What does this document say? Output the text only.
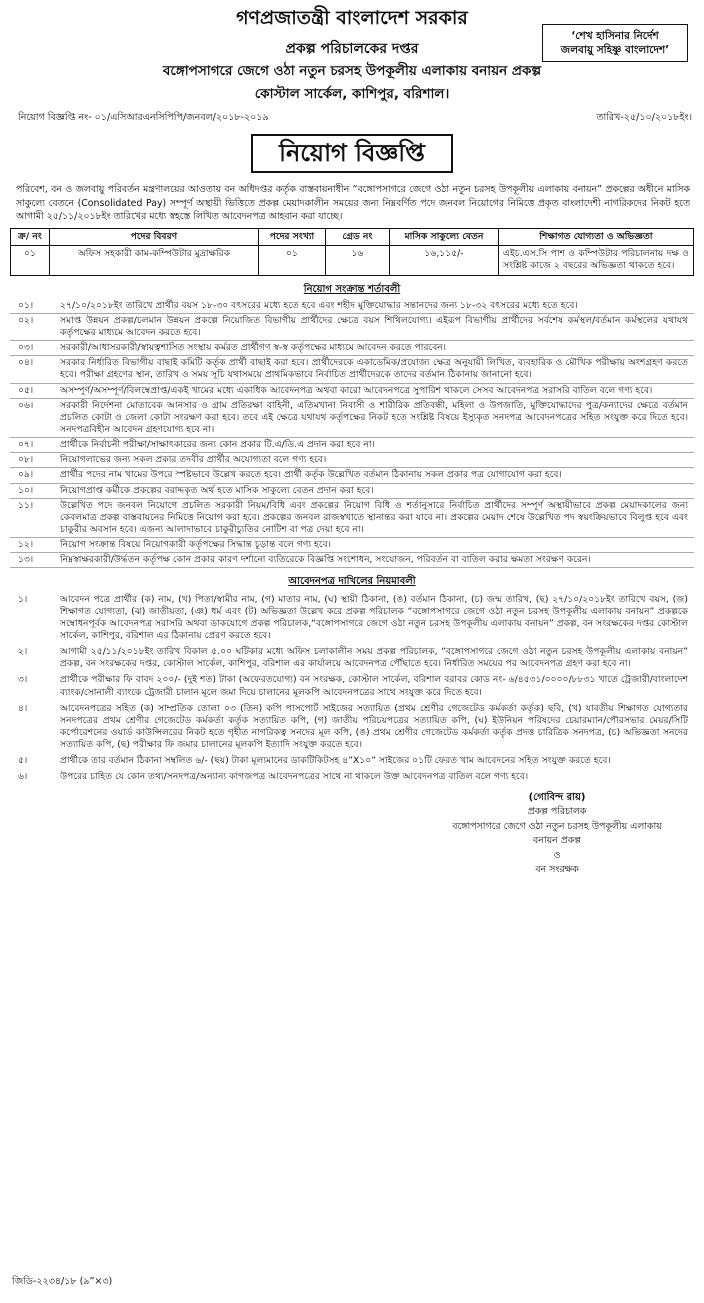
গণপ্রজাতন্ত্রী বাংলাদেশ সরকার
প্রকল্প পরিচালকের দপ্তর
বঙ্গোপসাগরে জেগে ওঠা নতুন চরসহ উপকূলীয় এলাকায় বনায়ন প্রকল্প
কোস্টাল সার্কেল, কাশিপুর, বরিশাল।
‘শেখ হাসিনার নির্দেশ
জলবায়ু সহিষ্ণু বাংলাদেশ’
নিয়োগ বিজ্ঞপ্তি নং- ০১/এসিআরএনসিপিপি/জনবল/২০১৮-২০১৯	তারিখ-২৫/১০/২০১৮ইং।
নিয়োগ বিজ্ঞপ্তি
পরিবেশ, বন ও জলবায়ু পরিবর্তন মন্ত্রণালয়ের আওতায় বন অধিদপ্তর কর্তৃক বাস্তবায়নাধীন “বঙ্গোপসাগরে জেগে ওঠা নতুন চরসহ উপকূলীয় এলাকায় বনায়ন” প্রকল্পের অধীনে মাসিক সাকুল্যে বেতনে (Consolidated Pay) সম্পূর্ণ অস্থায়ী ভিত্তিতে প্রকল্প মেয়াদকালীন সময়ের জন্য নিম্নবর্ণিত পদে জনবল নিয়োগের নিমিত্তে প্রকৃত বাংলাদেশী নাগরিকদের নিকট হতে আগামী ২৫/১১/২০১৮ইং তারিখের মধ্যে স্বহস্তে লিখিত আবেদনপত্র আহবান করা যাচ্ছে।
ক্র/ নং	পদের বিবরণ	পদের সংখ্যা	গ্রেড নং	মাসিক সাকুল্যে বেতন	শিক্ষাগত যোগ্যতা ও অভিজ্ঞতা
০১	অফিস সহকারী কাম-কম্পিউটার মুদ্রাক্ষরিক	০১	১৬	১৬,১১৫/-	এইচ.এস.সি পাশ ও কম্পিউটার পরিচালনায় দক্ষ ও সংশ্লিষ্ট কাজে ২ বছরের অভিজ্ঞতা থাকতে হবে।
নিয়োগ সংক্রান্ত শর্তাবলী
০১।	২৭/১০/২০১৮ইং তারিখে প্রার্থীর বয়স ১৮-৩০ বৎসরের মধ্যে হতে হবে এবং শহীদ মুক্তিযোদ্ধার সন্তানদের জন্য ১৮-৩২ বৎসরের মধ্যে হতে হবে।
০২।	সমাপ্ত উন্নয়ন প্রকল্প/চলমান উন্নয়ন প্রকল্পে নিয়োজিত বিভাগীয় প্রার্থীদের ক্ষেত্রে বয়স শিথিলযোগ্য। এইরূপ বিভাগীয় প্রার্থীদের সর্বশেষ কর্মস্থল/বর্তমান কর্মস্থলের যথাযথ কর্তৃপক্ষের মাধ্যমে আবেদন করতে হবে।
০৩।	সরকারী/আধাসরকারী/স্বায়ত্বশাসিত সংস্থায় কর্মরত প্রার্থীগণ স্ব-স্ব কর্তৃপক্ষের মাধ্যমে আবেদন করতে পারবেন।
০৪।	সরকার নির্ধারিত বিভাগীয় বাছাই কমিটি কর্তৃক প্রার্থী বাছাই করা হবে। প্রার্থীদেরকে একাডেমিক/প্রযোজ্য ক্ষেত্র অনুযায়ী লিখিত, ব্যবহারিক ও মৌখিক পরীক্ষায় অংশগ্রহণ করতে হবে। পরীক্ষা গ্রহণের স্থান, তারিখ ও সময় সূচি যথাসময়ে প্রাথমিকভাবে নির্বাচিত প্রার্থীদেরকে তাদের বর্তমান ঠিকানায় জানানো হবে।
০৫।	অসম্পূর্ণ/অসম্পূর্ণ/বিলম্বেপ্রাপ্ত/একই খামের মধ্যে একাধিক আবেদনপত্র অথবা কারো আবেদনপত্রে সুপারিশ থাকলে সেসব আবেদনপত্র সরাসরি বাতিল বলে গণ্য হবে।
০৬।	সরকারী নির্দেশনা মোতাবেক আনসার ও গ্রাম প্রতিরক্ষা বাহিনী, এতিমখানা নিবাসী ও শারীরিক প্রতিবন্ধী, মহিলা ও উপজাতি, মুক্তিযোদ্ধাদের পুত্র/কন্যাদের ক্ষেত্রে বর্তমান প্রচলিত কোটা ও জেলা কোটা সংরক্ষণ করা হবে। তবে এই ক্ষেত্রে যথাযথ কর্তৃপক্ষের নিকট হতে সংশ্লিষ্ট বিষয়ে ইস্যুকৃত সনদপত্র আবেদনপত্রের সহিত সংযুক্ত করে দিতে হবে। সনদপত্রবিহীন আবেদন গ্রহণযোগ্য হবে না।
০৭।	প্রার্থীকে নির্বাচনী পরীক্ষা/সাক্ষাৎকারের জন্য কোন প্রকার টি.এ/ডি.এ প্রদান করা হবে না।
০৮।	নিয়োগলাভের জন্য সকল প্রকার তদবীর প্রার্থীর অযোগ্যতা বলে গণ্য হবে।
০৯।	প্রার্থীর পদের নাম খামের উপরে স্পষ্টভাবে উল্লেখ করতে হবে। প্রার্থী কর্তৃক উল্লেখিত বর্তমান ঠিকানায় সকল প্রকার পত্র যোগাযোগ করা হবে।
১০।	নিয়োগপ্রাপ্ত কর্মীকে প্রকল্পের বরাদ্দকৃত অর্থ হতে মাসিক সাকুল্যে বেতন প্রদান করা হবে।
১১।	উল্লেখিত পদে জনবল নিয়োগে প্রচলিত সরকারী নিয়ম/বিধি এবং প্রকল্পের নিয়োগ বিধি ও শর্তানুসারে নির্বাচিত প্রার্থীদের সম্পূর্ণ অস্থায়ীভাবে প্রকল্প মেয়াদকালের জন্য কেবলমাত্র প্রকল্প বাস্তবায়নের নিমিত্তে নিয়োগ করা হবে। প্রকল্পের জনবল রাজস্বখাতে স্থানান্তর করা যাবে না। প্রকল্পের মেয়াদ শেষে উল্লেখিত পদ স্বয়ংক্রিয়ভাবে বিলুপ্ত হবে এবং চাকুরীর অবসান হবে। এজন্য আলাদাভাবে চাকুরীচ্যুতির নোটিশ বা পত্র দেয়া হবে না।
১২।	নিয়োগ সংক্রান্ত বিষয়ে নিয়োগকারী কর্তৃপক্ষের সিদ্ধান্ত চূড়ান্ত বলে গণ্য হবে।
১৩।	নিম্নস্বাক্ষরকারী/উর্দ্ধতন কর্তৃপক্ষ কোন প্রকার কারণ দর্শানো ব্যতিরেকে বিজ্ঞপ্তি সংশোধন, সংযোজন, পরিবর্তন বা বাতিল করার ক্ষমতা সংরক্ষণ করেন।
আবেদনপত্র দাখিলের নিয়মাবলী
১।	আবেদন পত্রে প্রার্থীর (ক) নাম, (খ) পিতা/স্বামীর নাম, (গ) মাতার নাম, (ঘ) স্থায়ী ঠিকানা, (ঙ) বর্তমান ঠিকানা, (চ) জন্ম তারিখ, (ছ) ২৭/১০/২০১৮ইং তারিখে বয়স, (জ) শিক্ষাগত যোগ্যতা, (ঝ) জাতীয়তা, (ঞ) ধর্ম এবং (ট) অভিজ্ঞতা উল্লেখ করে প্রকল্প পরিচালক “বঙ্গোপসাগরে জেগে ওঠা নতুন চরসহ উপকূলীয় এলাকায় বনায়ন” প্রকল্পকে সম্বোধনপূর্বক আবেদনপত্র সরাসরি অথবা ডাকযোগে প্রকল্প পরিচালক,“বঙ্গোপসাগরে জেগে ওঠা নতুন চরসহ উপকূলীয় এলাকায় বনায়ন” প্রকল্প, বন সংরক্ষকের দপ্তর কোস্টাল সার্কেল, কাশিপুর, বরিশাল এর ঠিকানায় প্রেরণ করতে হবে।
২।	আগামী ২৫/১১/২০১৮ইং তারিখ বিকাল ৫.০০ ঘটিকার মধ্যে অফিস চলাকালীন সময় প্রকল্প পরিচালক, “বঙ্গোপসাগরে জেগে ওঠা নতুন চরসহ উপকূলীয় এলাকায় বনায়ন” প্রকল্প, বন সংরক্ষকের দপ্তর, কোস্টাল সার্কেল, কাশিপুর, বরিশাল এর কার্যালয়ে আবেদনপত্র পৌঁছাতে হবে। নির্ধারিত সময়ের পর আবেদনপত্র গ্রহণ করা হবে না।
৩।	প্রার্থীকে পরীক্ষার ফি বাবদ ২০০/- (দুই শত) টাকা (অফেরতযোগ্য) বন সংরক্ষক, কোস্টাল সার্কেল, বরিশাল বরাবর কোড নং- ৬/৪৫৩১/০০০০/৮৮৩১ খাতে ট্রেজারী/বাংলাদেশ ব্যাংক/সোনালী ব্যাংকে ট্রেজারী চালান মূলে জমা দিয়ে চালানের মূলকপি আবেদনপত্রের সাথে সংযুক্ত করে দিতে হবে।
৪।	আবেদনপত্রের সহিত (ক) সাম্প্রতিক তোলা ০৩ (তিন) কপি পাসপোর্ট সাইজের সত্যায়িত (প্রথম শ্রেণীর গেজেটেড কর্মকর্তা কর্তৃক) ছবি, (খ) যাবতীয় শিক্ষাগত যোগ্যতার সনদপত্রের প্রথম শ্রেণীর গেজেটেড কর্মকর্তা কর্তৃক সত্যায়িত কপি, (গ) জাতীয় পরিচয়পত্রের সত্যায়িত কপি, (ঘ) ইউনিয়ন পরিষদের চেয়ারম্যান/পৌরসভার মেয়র/সিটি কর্পোরেশনের ওয়ার্ড কাউন্সিলরের নিকট হতে গৃহীত নাগরিকত্ব সনদের মূল কপি, (ঙ) প্রথম শ্রেণীর গেজেটেড কর্মকর্তা কর্তৃক প্রদত্ত চারিত্রিক সনদপত্র, (চ) অভিজ্ঞতা সনদের সত্যায়িত কপি, (ছ) পরীক্ষার ফি জমার চালানের মূলকপি ইত্যাদি সংযুক্ত করতে হবে।
৫।	প্রার্থীকে তার বর্তমান ঠিকানা সম্বলিত ৬/- (ছয়) টাকা মূল্যমানের ডাকটিকিটসহ ৪”X১০” সাইজের ০১টি ফেরত খাম আবেদনের সহিত সংযুক্ত করতে হবে।
৬।	উপরের চাহিত যে কোন তথ্য/সনদপত্র/অন্যান্য কাগজপত্র আবেদনপত্রের সাথে না থাকলে উক্ত আবেদনপত্র বাতিল বলে গণ্য হবে।
(গোবিন্দ রায়)
প্রকল্প পরিচালক
বঙ্গোপসাগরে জেগে ওঠা নতুন চরসহ উপকূলীয় এলাকায়
বনায়ন প্রকল্প
ও
বন সংরক্ষক
জিডি-২২৩৪/১৮ (৯”×৩)
